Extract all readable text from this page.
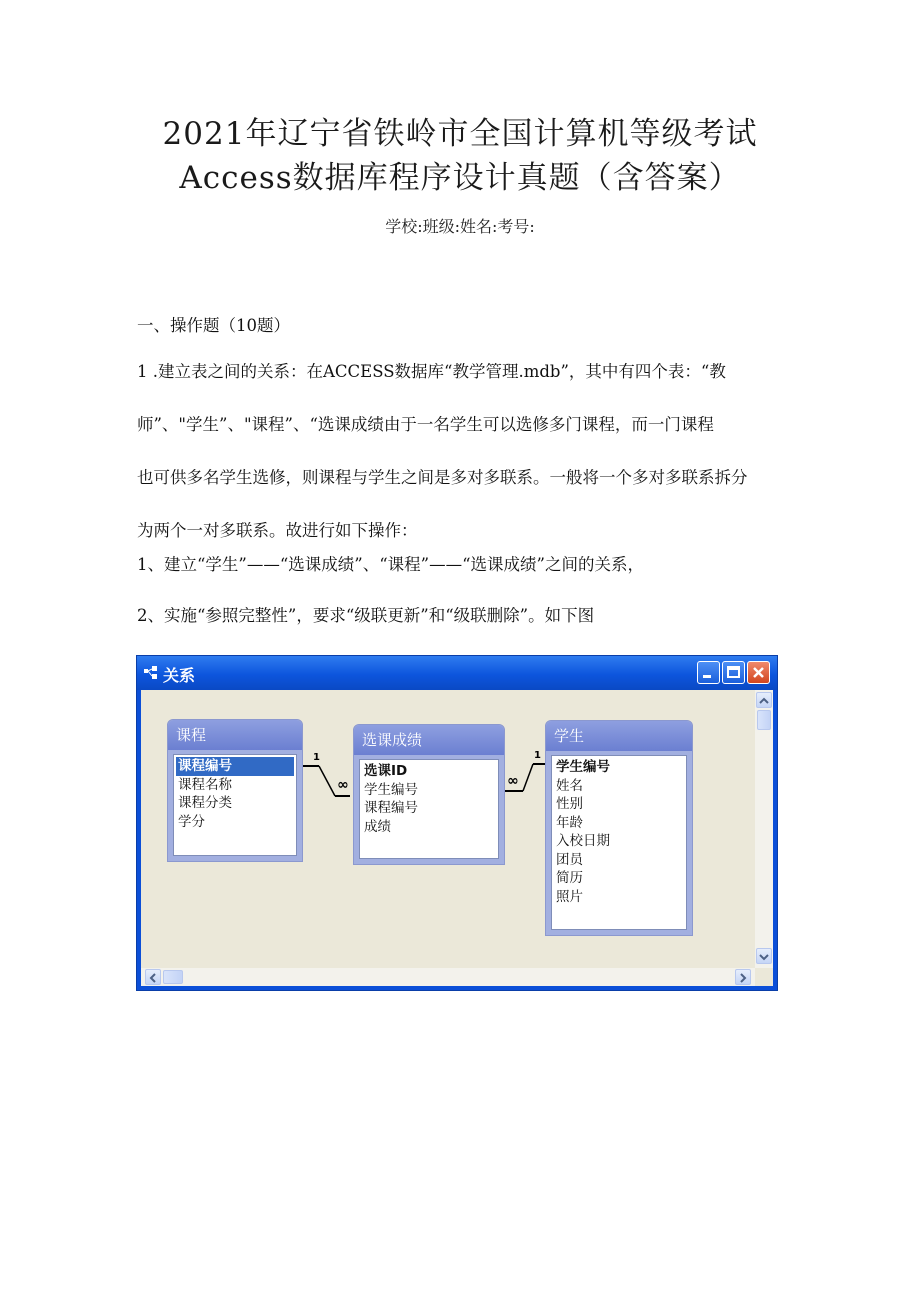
2021年辽宁省铁岭市全国计算机等级考试
Access数据库程序设计真题（含答案）
学校:班级:姓名:考号:
一、操作题（10题）
1 .建立表之间的关系：在ACCESS数据库“教学管理.mdb”，其中有四个表：“教
师”、"学生”、"课程”、“选课成绩由于一名学生可以选修多门课程，而一门课程
也可供多名学生选修，则课程与学生之间是多对多联系。一般将一个多对多联系拆分
为两个一对多联系。故进行如下操作：
1、建立“学生”——“选课成绩”、“课程”——“选课成绩”之间的关系，
2、实施“参照完整性”，要求“级联更新”和“级联删除”。如下图
关系
1
∞
1
∞
课程
课程编号
课程名称
课程分类
学分
选课成绩
选课ID
学生编号
课程编号
成绩
学生
学生编号
姓名
性别
年龄
入校日期
团员
简历
照片
